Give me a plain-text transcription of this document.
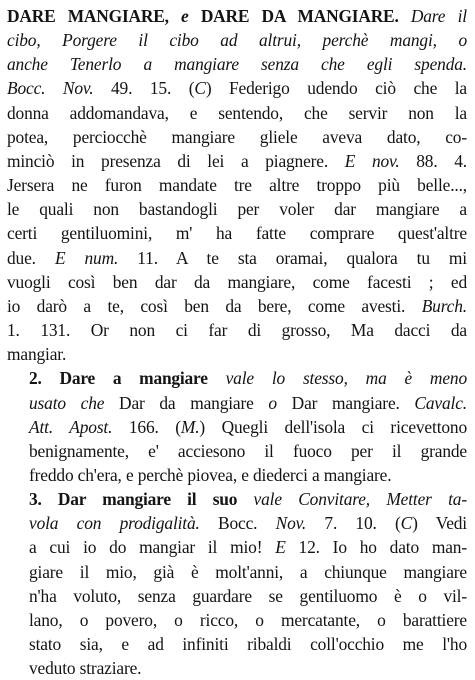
DARE MANGIARE, e DARE DA MANGIARE. Dare il
cibo, Porgere il cibo ad altrui, perchè mangi, o
anche Tenerlo a mangiare senza che egli spenda.
Bocc. Nov. 49. 15. (C) Federigo udendo ciò che la
donna addomandava, e sentendo, che servir non la
potea, perciocchè mangiare gliele aveva dato, co-
minciò in presenza di lei a piagnere. E nov. 88. 4.
Jersera ne furon mandate tre altre troppo più belle...,
le quali non bastandogli per voler dar mangiare a
certi gentiluomini, m' ha fatte comprare quest'altre
due. E num. 11. A te sta oramai, qualora tu mi
vuogli così ben dar da mangiare, come facesti ; ed
io darò a te, così ben da bere, come avesti. Burch.
1. 131. Or non ci far di grosso, Ma dacci da
mangiar.
2. Dare a mangiare vale lo stesso, ma è meno
usato che Dar da mangiare o Dar mangiare. Cavalc.
Att. Apost. 166. (M.) Quegli dell'isola ci ricevettono
benignamente, e' acciesono il fuoco per il grande
freddo ch'era, e perchè piovea, e diederci a mangiare.
3. Dar mangiare il suo vale Convitare, Metter ta-
vola con prodigalità. Bocc. Nov. 7. 10. (C) Vedi
a cui io do mangiar il mio! E 12. Io ho dato man-
giare il mio, già è molt'anni, a chiunque mangiare
n'ha voluto, senza guardare se gentiluomo è o vil-
lano, o povero, o ricco, o mercatante, o barattiere
stato sia, e ad infiniti ribaldi coll'occhio me l'ho
veduto straziare.
